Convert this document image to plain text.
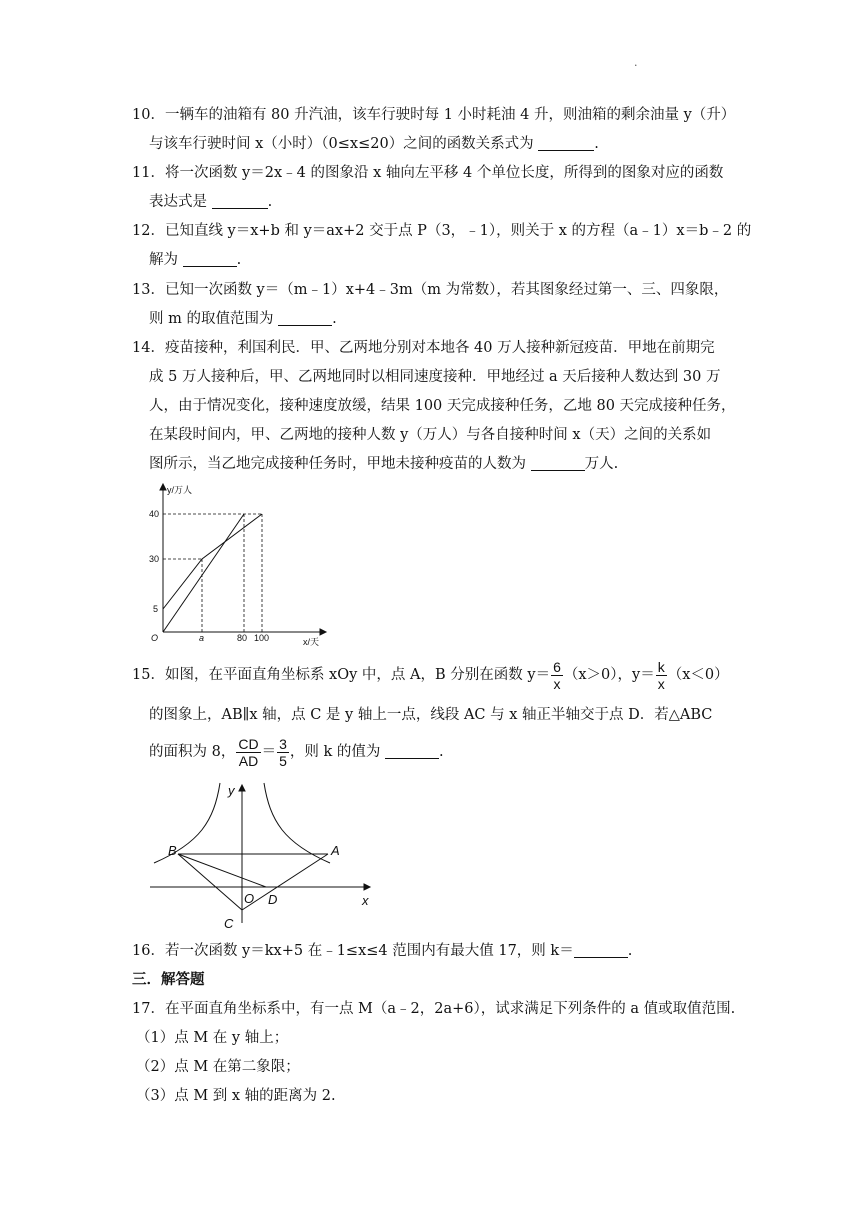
.
10．一辆车的油箱有 80 升汽油，该车行驶时每 1 小时耗油 4 升，则油箱的剩余油量 y（升）
与该车行驶时间 x（小时）（0≤x≤20）之间的函数关系式为	.
11．将一次函数 y＝2x﹣4 的图象沿 x 轴向左平移 4 个单位长度，所得到的图象对应的函数
表达式是	.
12．已知直线 y＝x+b 和 y＝ax+2 交于点 P（3，﹣1），则关于 x 的方程（a﹣1）x＝b﹣2 的
解为	.
13．已知一次函数 y＝（m﹣1）x+4﹣3m（m 为常数），若其图象经过第一、三、四象限，
则 m 的取值范围为	.
14．疫苗接种，利国利民．甲、乙两地分别对本地各 40 万人接种新冠疫苗．甲地在前期完
成 5 万人接种后，甲、乙两地同时以相同速度接种．甲地经过 a 天后接种人数达到 30 万
人，由于情况变化，接种速度放缓，结果 100 天完成接种任务，乙地 80 天完成接种任务，
在某段时间内，甲、乙两地的接种人数 y（万人）与各自接种时间 x（天）之间的关系如
图所示，当乙地完成接种任务时，甲地未接种疫苗的人数为	万人.
y/万人
x/天
O
40
30
5
a	80 100
15．如图，在平面直角坐标系 xOy 中，点 A，B 分别在函数 $y= \frac{6}{x} (x>0)$，$y= \frac{k}{x} (x<0)$
的图象上，AB∥x 轴，点 C 是 y 轴上一点，线段 AC 与 x 轴正半轴交于点 D．若△ABC
的面积为 8， $\frac{CD}{AD} = \frac{3}{5}$ ，则 k 的值为	.
y
x
B	A
O D
C
16．若一次函数 y＝kx+5 在﹣1≤x≤4 范围内有最大值 17，则 k＝	.
三．解答题
17．在平面直角坐标系中，有一点 M（a﹣2，2a+6），试求满足下列条件的 a 值或取值范围.
（1）点 M 在 y 轴上；
（2）点 M 在第二象限；
（3）点 M 到 x 轴的距离为 2.
